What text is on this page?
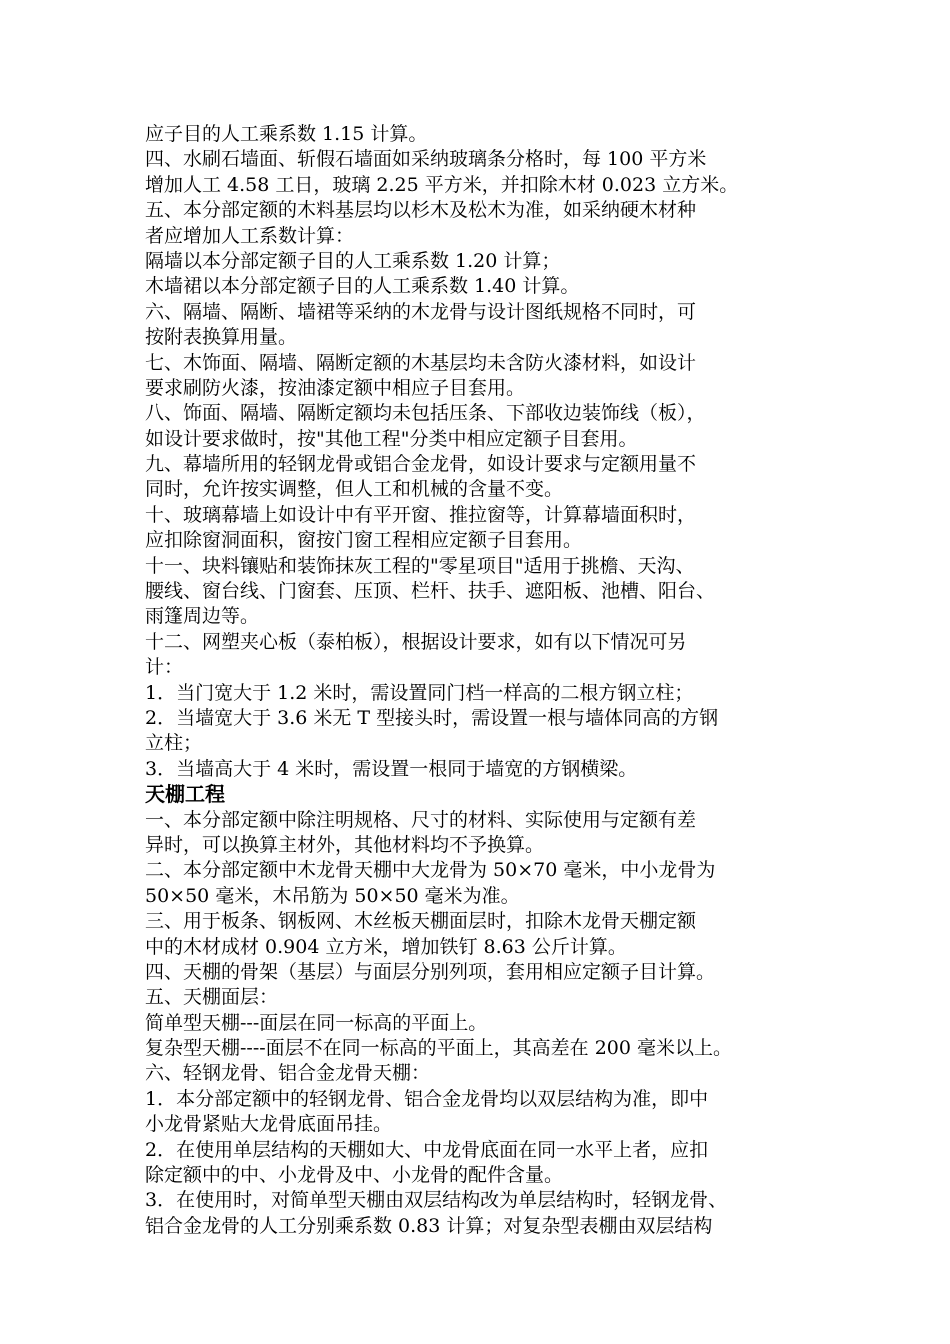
应子目的人工乘系数 1.15 计算。
四、水刷石墙面、斩假石墙面如采纳玻璃条分格时，每 100 平方米
增加人工 4.58 工日，玻璃 2.25 平方米，并扣除木材 0.023 立方米。
五、本分部定额的木料基层均以杉木及松木为准，如采纳硬木材种
者应增加人工系数计算：
隔墙以本分部定额子目的人工乘系数 1.20 计算；
木墙裙以本分部定额子目的人工乘系数 1.40 计算。
六、隔墙、隔断、墙裙等采纳的木龙骨与设计图纸规格不同时，可
按附表换算用量。
七、木饰面、隔墙、隔断定额的木基层均未含防火漆材料，如设计
要求刷防火漆，按油漆定额中相应子目套用。
八、饰面、隔墙、隔断定额均未包括压条、下部收边装饰线（板），
如设计要求做时，按"其他工程"分类中相应定额子目套用。
九、幕墙所用的轻钢龙骨或铝合金龙骨，如设计要求与定额用量不
同时，允许按实调整，但人工和机械的含量不变。
十、玻璃幕墙上如设计中有平开窗、推拉窗等，计算幕墙面积时，
应扣除窗洞面积，窗按门窗工程相应定额子目套用。
十一、块料镶贴和装饰抹灰工程的"零星项目"适用于挑檐、天沟、
腰线、窗台线、门窗套、压顶、栏杆、扶手、遮阳板、池槽、阳台、
雨篷周边等。
十二、网塑夹心板（泰柏板），根据设计要求，如有以下情况可另
计：
1．当门宽大于 1.2 米时，需设置同门档一样高的二根方钢立柱；
2．当墙宽大于 3.6 米无 T 型接头时，需设置一根与墙体同高的方钢
立柱；
3．当墙高大于 4 米时，需设置一根同于墙宽的方钢横梁。
天棚工程
一、本分部定额中除注明规格、尺寸的材料、实际使用与定额有差
异时，可以换算主材外，其他材料均不予换算。
二、本分部定额中木龙骨天棚中大龙骨为 50×70 毫米，中小龙骨为
50×50 毫米，木吊筋为 50×50 毫米为准。
三、用于板条、钢板网、木丝板天棚面层时，扣除木龙骨天棚定额
中的木材成材 0.904 立方米，增加铁钉 8.63 公斤计算。
四、天棚的骨架（基层）与面层分别列项，套用相应定额子目计算。
五、天棚面层：
简单型天棚---面层在同一标高的平面上。
复杂型天棚----面层不在同一标高的平面上，其高差在 200 毫米以上。
六、轻钢龙骨、铝合金龙骨天棚：
1．本分部定额中的轻钢龙骨、铝合金龙骨均以双层结构为准，即中
小龙骨紧贴大龙骨底面吊挂。
2．在使用单层结构的天棚如大、中龙骨底面在同一水平上者，应扣
除定额中的中、小龙骨及中、小龙骨的配件含量。
3．在使用时，对简单型天棚由双层结构改为单层结构时，轻钢龙骨、
铝合金龙骨的人工分别乘系数 0.83 计算；对复杂型表棚由双层结构
